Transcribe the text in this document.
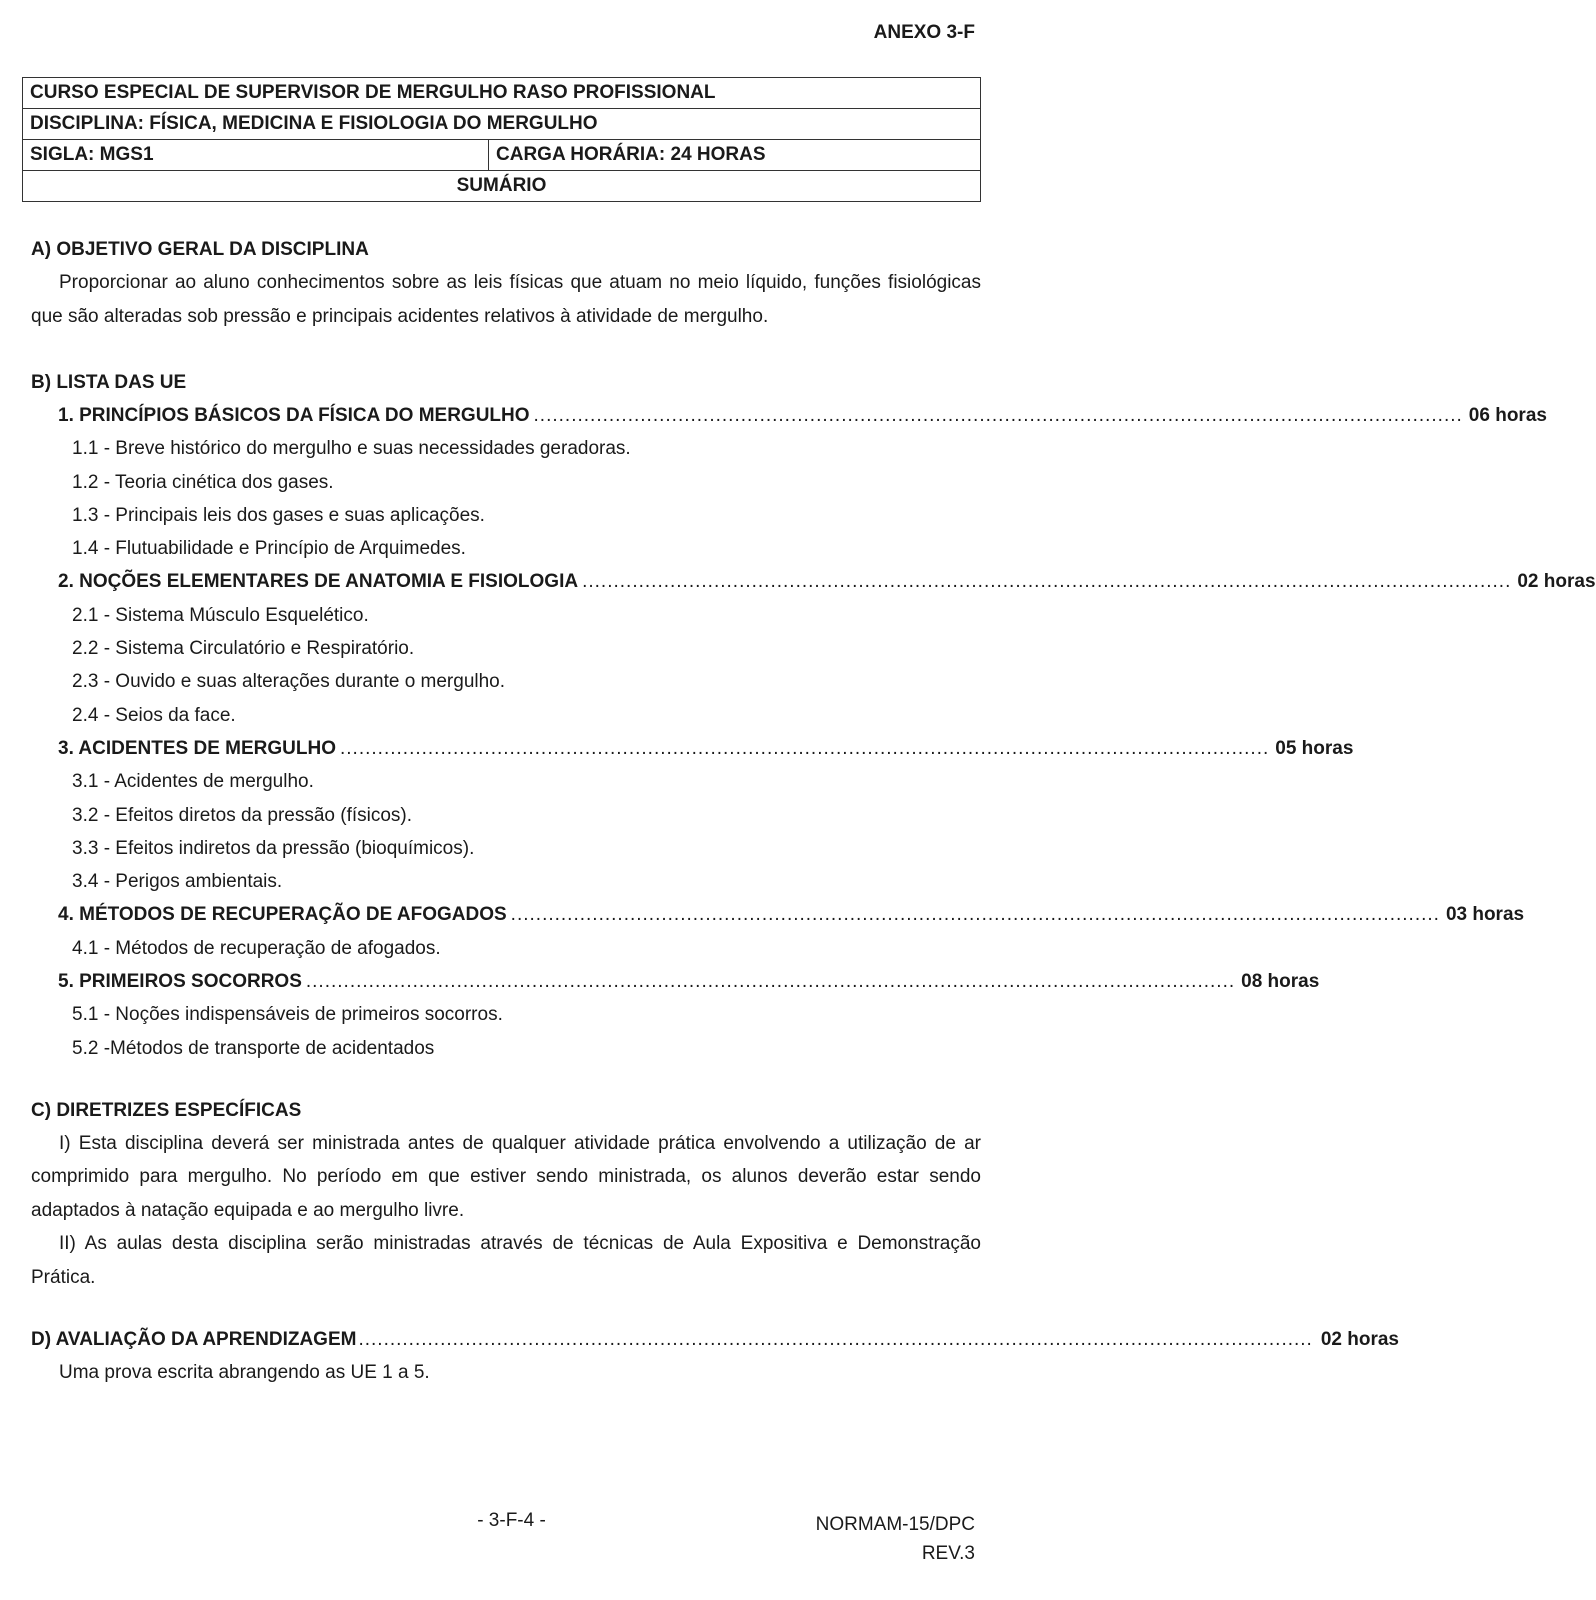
ANEXO 3-F
CURSO ESPECIAL DE SUPERVISOR DE MERGULHO RASO PROFISSIONAL
DISCIPLINA: FÍSICA, MEDICINA E FISIOLOGIA DO MERGULHO
SIGLA: MGS1	CARGA HORÁRIA: 24 HORAS
SUMÁRIO
A) OBJETIVO GERAL DA DISCIPLINA
Proporcionar ao aluno conhecimentos sobre as leis físicas que atuam no meio líquido, funções fisiológicas que são alteradas sob pressão e principais acidentes relativos à atividade de mergulho.
B) LISTA DAS UE
1. PRINCÍPIOS BÁSICOS DA FÍSICA DO MERGULHO .................................................................................................................................................... 06 horas
1.1 - Breve histórico do mergulho e suas necessidades geradoras.
1.2 - Teoria cinética dos gases.
1.3 - Principais leis dos gases e suas aplicações.
1.4 - Flutuabilidade e Princípio de Arquimedes.
2. NOÇÕES ELEMENTARES DE ANATOMIA E FISIOLOGIA .................................................................................................................................................... 02 horas
2.1 - Sistema Músculo Esquelético.
2.2 - Sistema Circulatório e Respiratório.
2.3 - Ouvido e suas alterações durante o mergulho.
2.4 - Seios da face.
3. ACIDENTES DE MERGULHO .................................................................................................................................................... 05 horas
3.1 - Acidentes de mergulho.
3.2 - Efeitos diretos da pressão (físicos).
3.3 - Efeitos indiretos da pressão (bioquímicos).
3.4 - Perigos ambientais.
4. MÉTODOS DE RECUPERAÇÃO DE AFOGADOS .................................................................................................................................................... 03 horas
4.1 - Métodos de recuperação de afogados.
5. PRIMEIROS SOCORROS .................................................................................................................................................... 08 horas
5.1 - Noções indispensáveis de primeiros socorros.
5.2 -Métodos de transporte de acidentados
C) DIRETRIZES ESPECÍFICAS
I) Esta disciplina deverá ser ministrada antes de qualquer atividade prática envolvendo a utilização de ar comprimido para mergulho. No período em que estiver sendo ministrada, os alunos deverão estar sendo adaptados à natação equipada e ao mergulho livre.
II) As aulas desta disciplina serão ministradas através de técnicas de Aula Expositiva e Demonstração Prática.
D) AVALIAÇÃO DA APRENDIZAGEM ........................................................................................................................................................ 02 horas
Uma prova escrita abrangendo as UE 1 a 5.
- 3-F-4 -	NORMAM-15/DPC
REV.3
